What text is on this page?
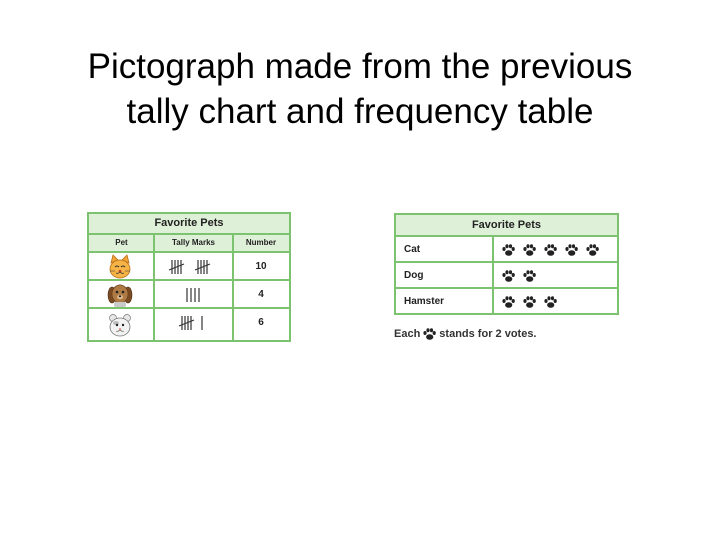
Pictograph made from the previous
tally chart and frequency table
Favorite Pets
Pet	Tally Marks	Number
10
4
6
Favorite Pets
Cat
Dog
Hamster
Each stands for 2 votes.
